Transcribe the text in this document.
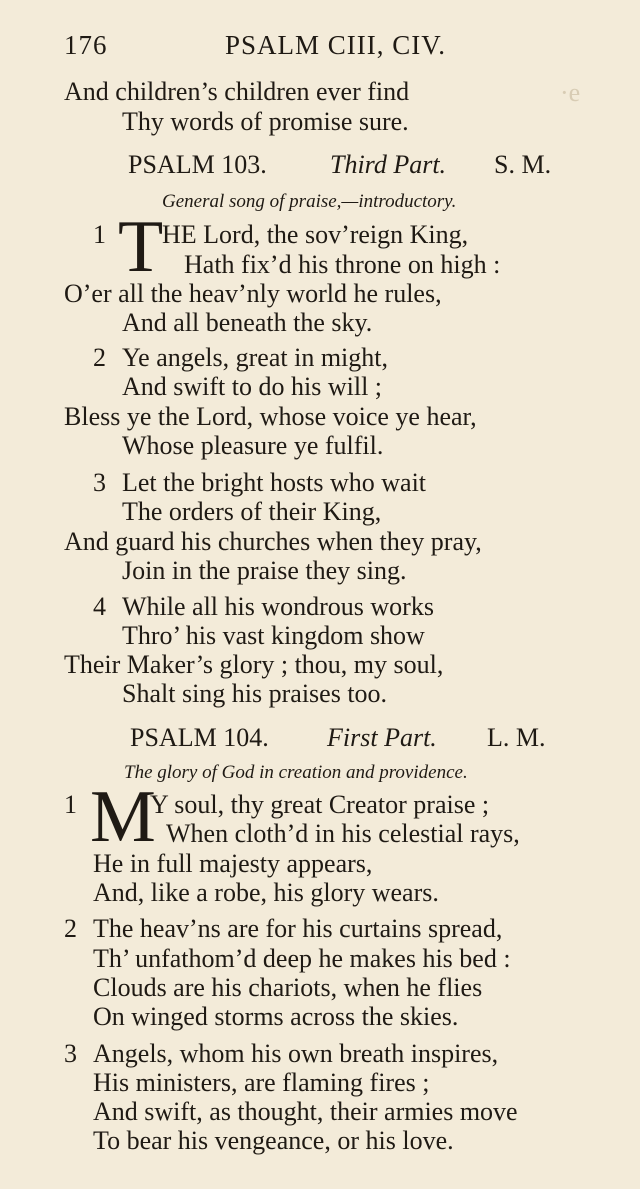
·e
176	PSALM CIII, CIV.
And children’s children ever find
Thy words of promise sure.
PSALM 103. Third Part. S. M.
General song of praise,—introductory.
1 T
HE Lord, the sov’reign King,
Hath fix’d his throne on high :
O’er all the heav’nly world he rules,
And all beneath the sky.
2 Ye angels, great in might,
And swift to do his will ;
Bless ye the Lord, whose voice ye hear,
Whose pleasure ye fulfil.
3 Let the bright hosts who wait
The orders of their King,
And guard his churches when they pray,
Join in the praise they sing.
4 While all his wondrous works
Thro’ his vast kingdom show
Their Maker’s glory ; thou, my soul,
Shalt sing his praises too.
PSALM 104. First Part. L. M.
The glory of God in creation and providence.
1 M
Y soul, thy great Creator praise ;
When cloth’d in his celestial rays,
He in full majesty appears,
And, like a robe, his glory wears.
2 The heav’ns are for his curtains spread,
Th’ unfathom’d deep he makes his bed :
Clouds are his chariots, when he flies
On winged storms across the skies.
3 Angels, whom his own breath inspires,
His ministers, are flaming fires ;
And swift, as thought, their armies move
To bear his vengeance, or his love.
